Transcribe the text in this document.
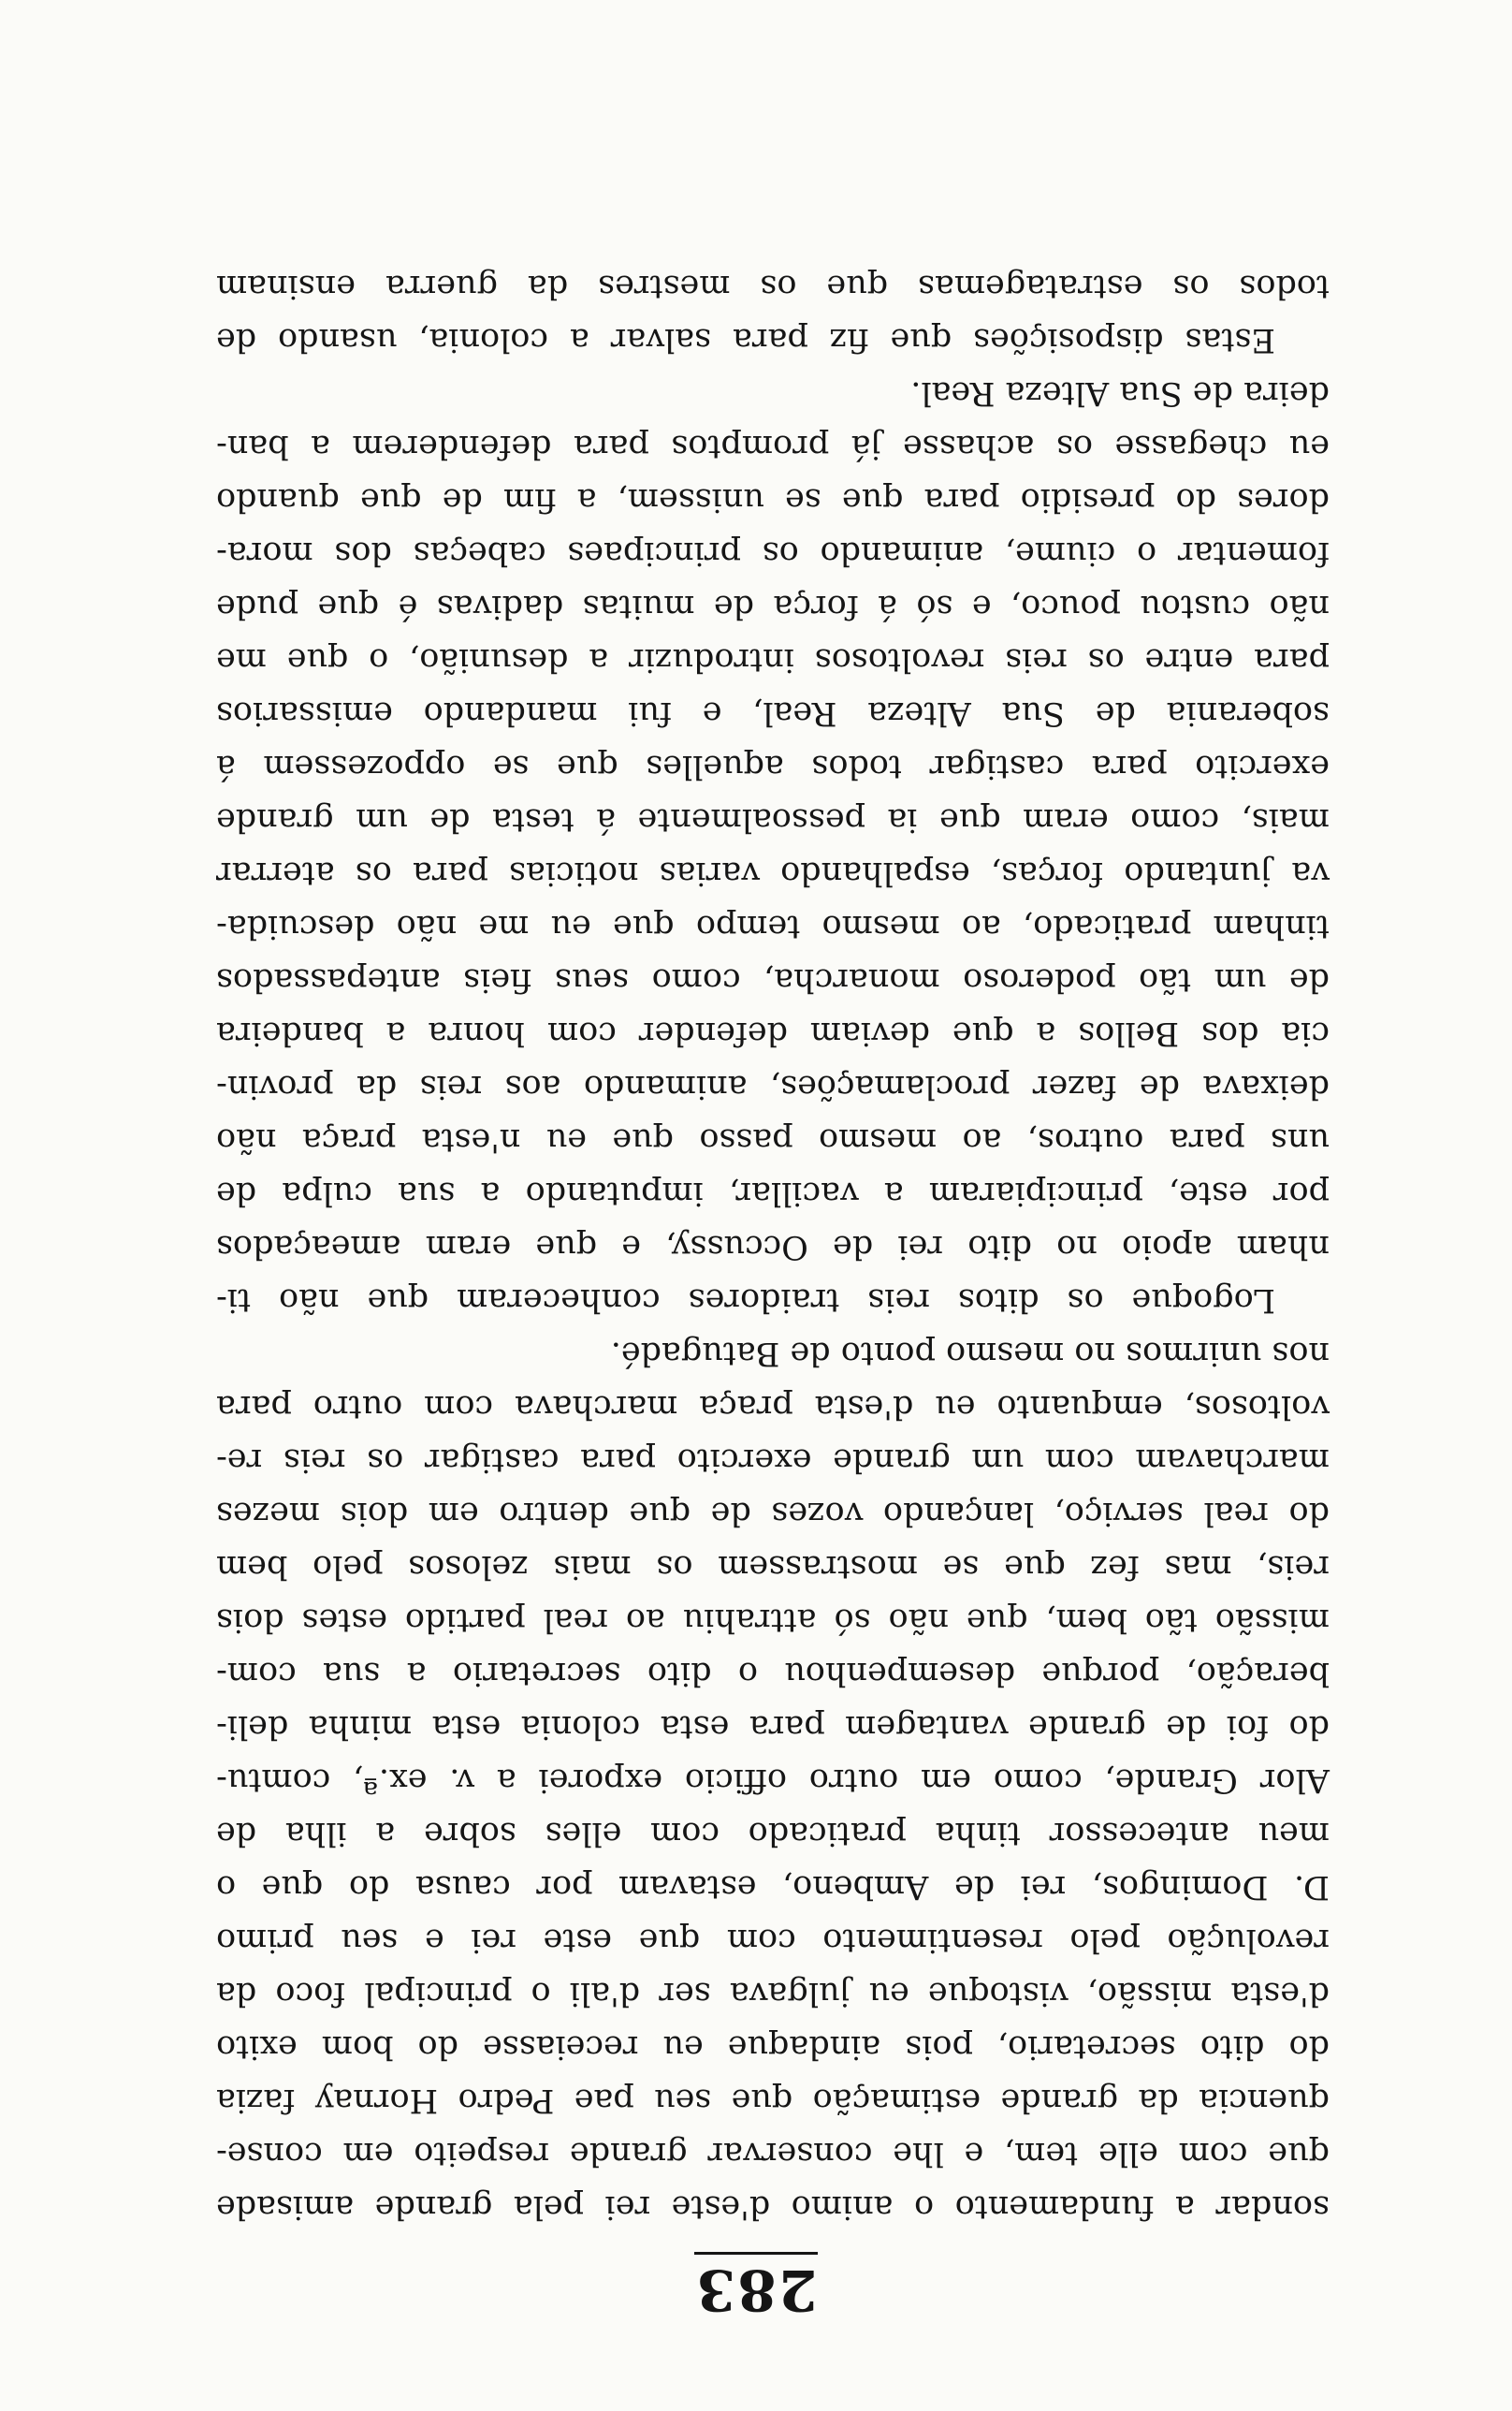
283
sondar a fundamento o animo d'este rei pela grande amisade
que com elle tem, e lhe conservar grande respeito em conse-
quencia da grande estimação que seu pae Pedro Hornay fazia
do dito secretario, pois aindaque eu receiasse do bom exito
d'esta missão, vistoque eu julgava ser d'ali o principal foco da
revolução pelo resentimento com que este rei e seu primo
D. Domingos, rei de Ambeno, estavam por causa do que o
meu antecessor tinha praticado com elles sobre a ilha de
Alor Grande, como em outro officio exporei a v. ex.ª, comtu-
do foi de grande vantagem para esta colonia esta minha deli-
beração, porque desempenhou o dito secretario a sua com-
missão tão bem, que não só attrahiu ao real partido estes dois
reis, mas fez que se mostrassem os mais zelosos pelo bem
do real serviço, lançando vozes de que dentro em dois mezes
marchavam com um grande exercito para castigar os reis re-
voltosos, emquanto eu d'esta praça marchava com outro para
nos unirmos no mesmo ponto de Batugadé.
Logoque os ditos reis traidores conheceram que não ti-
nham apoio no dito rei de Occussy, e que eram ameaçados
por este, principiaram a vacillar, imputando a sua culpa de
uns para outros, ao mesmo passo que eu n'esta praça não
deixava de fazer proclamações, animando aos reis da provin-
cia dos Bellos a que deviam defender com honra a bandeira
de um tão poderoso monarcha, como seus fieis antepassados
tinham praticado, ao mesmo tempo que eu me não descuida-
va juntando forças, espalhando varias noticias para os aterrar
mais, como eram que ia pessoalmente á testa de um grande
exercito para castigar todos aquelles que se oppozessem á
soberania de Sua Alteza Real, e fui mandando emissarios
para entre os reis revoltosos introduzir a desunião, o que me
não custou pouco, e só á força de muitas dadivas é que pude
fomentar o ciume, animando os principaes cabeças dos mora-
dores do presidio para que se unissem, a fim de que quando
eu chegasse os achasse já promptos para defenderem a ban-
deira de Sua Alteza Real.
Estas disposições que fiz para salvar a colonia, usando de
todos os estratagemas que os mestres da guerra ensinam
